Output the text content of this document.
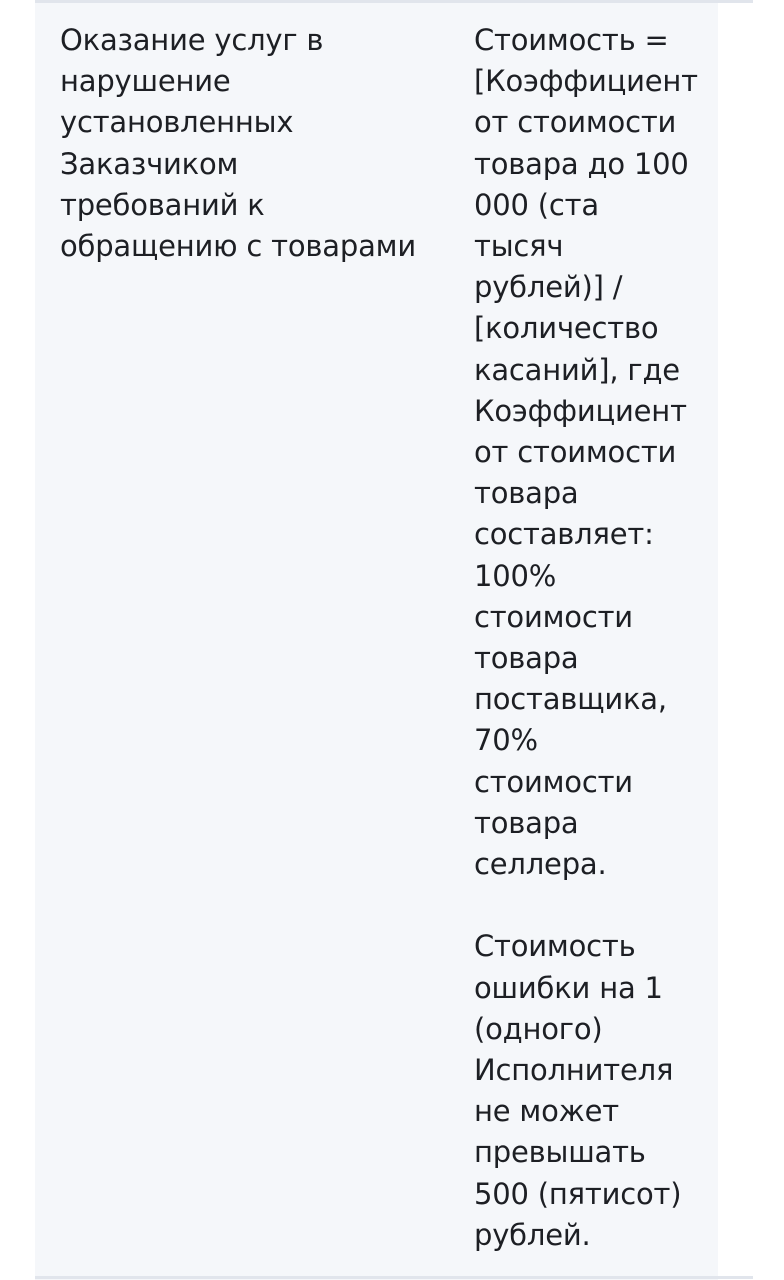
Оказание услуг в
нарушение
установленных
Заказчиком
требований к
обращению с товарами

Стоимость =
[Коэффициент
от стоимости
товара до 100
000 (ста
тысяч
рублей)] /
[количество
касаний], где
Коэффициент
от стоимости
товара
составляет:
100%
стоимости
товара
поставщика,
70%
стоимости
товара
селлера.

Стоимость
ошибки на 1
(одного)
Исполнителя
не может
превышать
500 (пятисот)
рублей.
